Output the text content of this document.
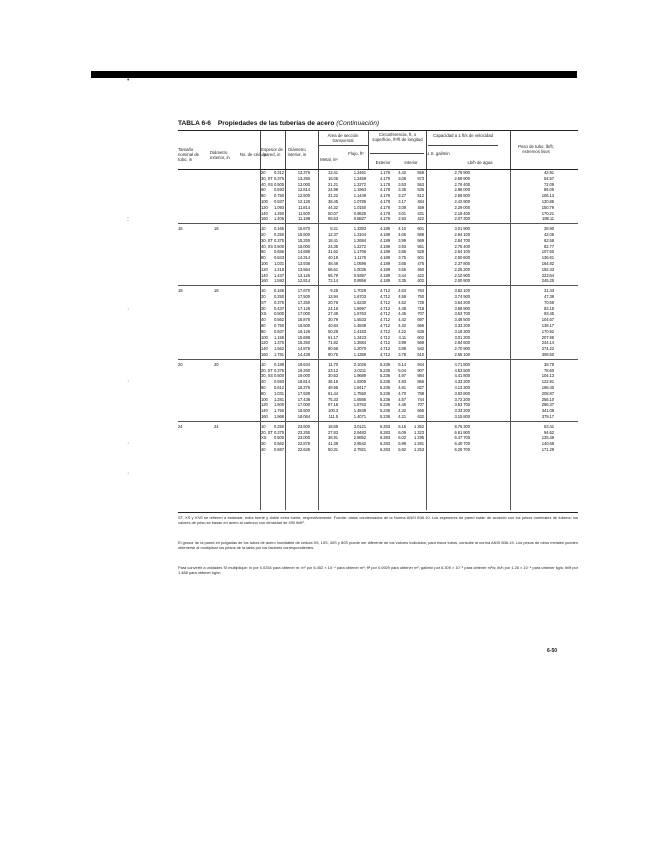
•
:
·
·
·
·
TABLA 6-6 Propiedades de las tuberías de acero (Continuación)
Tamaño nominal de tubo, in
Diámetro exterior, in
No. de cédula
Espesor de pared, in
Diámetro interior, in
Área de sección transversal
Metal, in²
Flujo, ft²
Circunferencia, ft, o superficie, ft²/ft de longitud
Exterior	Interior
Capacidad a 1 ft/s de velocidad
U.S. gal/min
Lb/h de agua
Peso de tubo, lb/ft, extremos lisos
20	0.312	13.376	13.41	1.2461	1.178	4.42	558	2.79 900	42.91
30, ST 0.375	13.250	16.05	1.2469	4.179	3.06	573	2.59 900	54.57
40, XS 0.500	13.000	21.21	1.2272	1.178	3.53	553	2.76 400	72.09
60	0.593	12.814	24.98	1.1963	4.178	3.35	536	2.88 000	85.05
80	0.750	12.500	31.22	1.1449	4.178	3.27	512	2.58 800	106.13
100	0.937	12.126	38.45	1.0785	4.178	3.17	484	2.42 900	130.85
120	1.093	11.814	44.32	1.0150	4.178	3.09	459	2.29 000	150.79
140	1.250	11.500	50.07	0.9825	4.178	3.01	431	2.16 400	170.21
160	1.406	11.188	55.63	0.8827	4.178	2.93	422	2.07 300	189.11
16	16	10	0.165	15.670	8.21	1.3393	4.189	4.10	601	3.01 900	28.90
20	0.250	15.500	12.37	1.3104	4.189	4.06	588	2.94 100	42.05
30, ST 0.375	15.250	18.41	1.2684	4.189	3.99	569	2.84 700	62.58
40, XS 0.500	15.000	24.35	1.2272	4.189	3.93	551	2.75 400	82.77
60	0.656	14.688	31.62	1.1766	4.189	3.85	528	2.64 100	107.50
80	0.843	14.314	40.19	1.1175	4.189	3.75	501	2.50 600	136.61
100	1.031	13.938	48.48	1.0596	4.189	3.65	475	2.37 800	164.82
120	1.218	13.564	56.61	1.0035	4.189	3.55	450	2.25 200	192.43
140	1.437	13.126	65.79	0.9397	4.189	3.44	422	2.10 900	223.64
160	1.593	12.814	72.14	0.8956	4.189	3.35	402	2.00 900	245.25
18	18	10	0.165	17.670	9.25	1.7029	4.712	4.63	764	3.82 100	31.43
20	0.250	17.500	13.94	1.6703	4.712	4.58	750	3.74 900	47.39
ST	0.375	17.250	20.76	1.6230	4.712	4.52	728	3.64 200	70.59
30	0.437	17.126	24.16	1.5997	4.712	4.48	718	3.58 900	82.15
XS	0.500	17.000	27.49	1.5763	4.712	4.45	707	3.53 700	93.45
40	0.562	16.876	30.79	1.5533	4.712	4.42	697	3.48 500	104.67
60	0.750	16.500	40.64	1.4849	4.712	4.32	666	3.33 200	138.17
80	0.937	16.126	50.28	1.4183	4.712	4.22	636	3.18 300	170.92
100	1.156	15.688	61.17	1.3423	4.712	4.11	602	3.01 200	207.96
120	1.375	15.250	71.82	1.2684	4.712	3.99	569	2.84 600	244.14
140	1.562	14.876	80.66	1.2070	4.712	3.89	542	2.70 900	274.22
160	1.781	14.438	90.75	1.1369	4.712	3.78	510	2.55 100	308.50
20	20	10	0.188	19.634	11.70	2.1026	5.236	5.14	944	4.71 800	39.78
20, ST 0.375	19.250	23.12	2.0211	5.236	5.04	907	4.53 500	78.60
30, XS 0.500	19.000	30.63	1.9689	5.236	4.97	884	4.41 800	104.13
40	0.593	18.814	36.15	1.9305	5.236	4.93	866	4.33 200	122.91
60	0.812	18.376	48.95	1.8417	5.236	4.81	827	4.13 300	166.40
80	1.031	17.938	61.44	1.7550	5.236	4.70	788	3.93 800	208.87
100	1.281	17.438	75.33	1.6585	5.236	4.57	744	3.72 200	256.10
120	1.500	17.000	87.18	1.5763	5.236	4.45	707	3.53 700	296.37
140	1.750	16.500	100.3	1.4849	5.236	4.32	665	3.33 200	341.09
160	1.968	16.064	111.5	1.4071	5.236	4.21	632	3.15 800	379.17
24	24	10	0.250	23.500	18.65	3.0121	6.283	6.15	1 352	6.76 300	63.41
20, ST 0.375	23.250	27.83	2.9483	6.283	6.09	1 323	6.61 900	94.62
XS	0.500	23.000	36.91	2.8852	6.283	6.02	1 295	6.47 700	125.49
30	0.562	22.876	41.39	2.8542	6.283	5.99	1 281	6.40 700	140.68
40	0.687	22.626	50.31	2.7921	6.283	5.92	1 253	6.26 700	171.29
ST, XS y XXS se refieren a estándar, extra fuerte y doble extra fuerte, respectivamente. Fuente: datos condensados de la Norma ANSI B36.10. Los espesores de pared están de acuerdo con los pesos nominales de tubería; los valores de peso se basan en acero al carbono con densidad de 490 lb/ft³.
El grosor de la pared en pulgadas de los tubos de acero inoxidable de cédula 5S, 10S, 40S y 80S puede ser diferente de los valores indicados; para estos tubos, consulte la norma ANSI B36.19. Los pesos de otros metales pueden obtenerse al multiplicar los pesos de la tabla por los factores correspondientes.
Para convertir a unidades SI multiplique: in por 0.0254 para obtener m; in² por 6.452 × 10⁻⁴ para obtener m²; ft² por 0.0929 para obtener m²; gal/min por 6.309 × 10⁻⁵ para obtener m³/s; lb/h por 1.26 × 10⁻⁴ para obtener kg/s; lb/ft por 1.488 para obtener kg/m.
6-50
